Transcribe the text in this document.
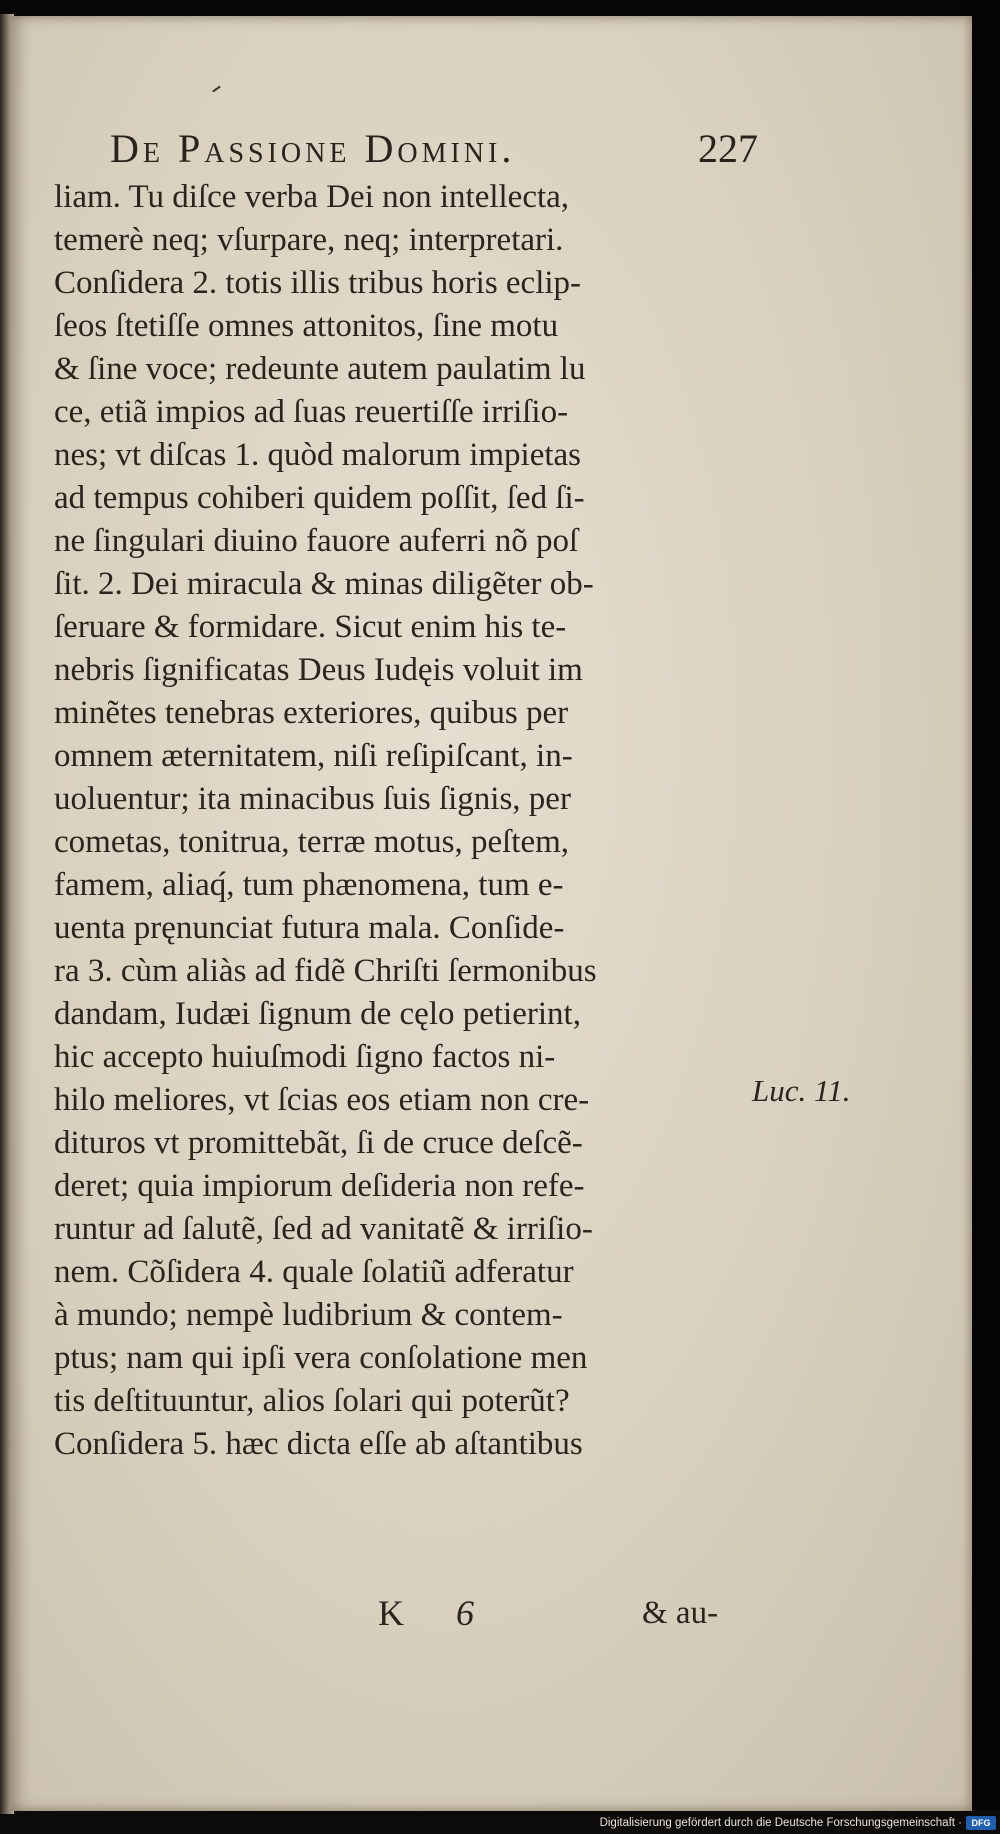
De Passione Domini.	227
liam. Tu diſce verba Dei non intellecta,
temerè neq; vſurpare, neq; interpretari.
Conſidera 2. totis illis tribus horis eclip-
ſeos ſtetiſſe omnes attonitos, ſine motu
& ſine voce; redeunte autem paulatim lu
ce, etiã impios ad ſuas reuertiſſe irriſio-
nes; vt diſcas 1. quòd malorum impietas
ad tempus cohiberi quidem poſſit, ſed ſi-
ne ſingulari diuino fauore auferri nõ poſ
ſit. 2. Dei miracula & minas diligẽter ob-
ſeruare & formidare. Sicut enim his te-
nebris ſignificatas Deus Iudęis voluit im
minẽtes tenebras exteriores, quibus per
omnem æternitatem, niſi reſipiſcant, in-
uoluentur; ita minacibus ſuis ſignis, per
cometas, tonitrua, terræ motus, peſtem,
famem, aliaq́, tum phænomena, tum e-
uenta pręnunciat futura mala. Conſide-
ra 3. cùm aliàs ad fidẽ Chriſti ſermonibus
dandam, Iudæi ſignum de cęlo petierint,
hic accepto huiuſmodi ſigno factos ni-
hilo meliores, vt ſcias eos etiam non cre-
dituros vt promittebãt, ſi de cruce deſcẽ-
deret; quia impiorum deſideria non refe-
runtur ad ſalutẽ, ſed ad vanitatẽ & irriſio-
nem. Cõſidera 4. quale ſolatiũ adferatur
à mundo; nempè ludibrium & contem-
ptus; nam qui ipſi vera conſolatione men
tis deſtituuntur, alios ſolari qui poterũt?
Conſidera 5. hæc dicta eſſe ab aſtantibus
Luc. 11.
K	6	& au-
Digitalisierung gefördert durch die Deutsche Forschungsgemeinschaft ·	DFG
